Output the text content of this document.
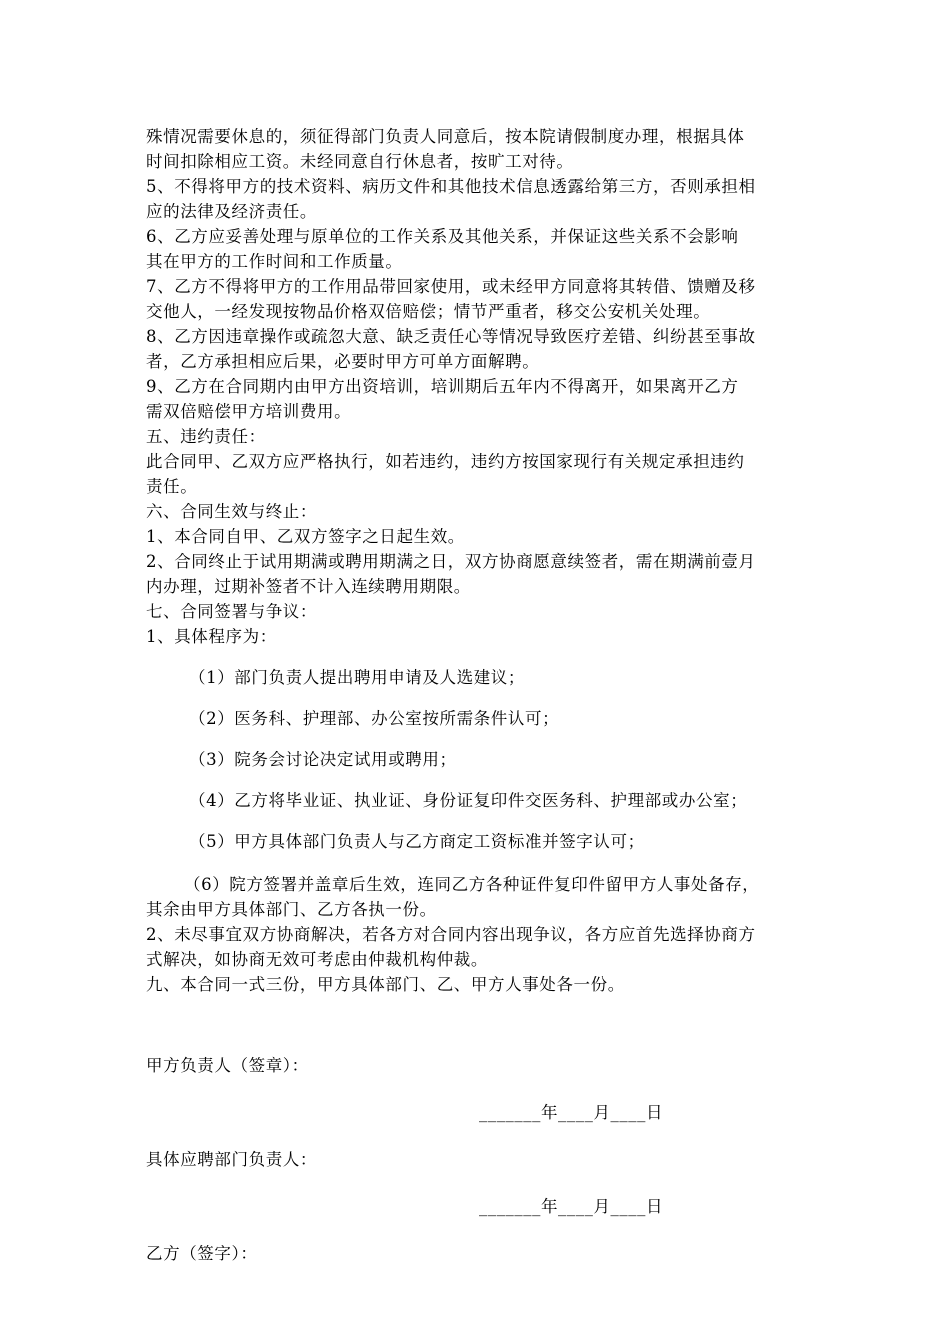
殊情况需要休息的，须征得部门负责人同意后，按本院请假制度办理，根据具体
时间扣除相应工资。未经同意自行休息者，按旷工对待。
5、不得将甲方的技术资料、病历文件和其他技术信息透露给第三方，否则承担相
应的法律及经济责任。
6、乙方应妥善处理与原单位的工作关系及其他关系，并保证这些关系不会影响
其在甲方的工作时间和工作质量。
7、乙方不得将甲方的工作用品带回家使用，或未经甲方同意将其转借、馈赠及移
交他人，一经发现按物品价格双倍赔偿；情节严重者，移交公安机关处理。
8、乙方因违章操作或疏忽大意、缺乏责任心等情况导致医疗差错、纠纷甚至事故
者，乙方承担相应后果，必要时甲方可单方面解聘。
9、乙方在合同期内由甲方出资培训，培训期后五年内不得离开，如果离开乙方
需双倍赔偿甲方培训费用。
五、违约责任：
此合同甲、乙双方应严格执行，如若违约，违约方按国家现行有关规定承担违约
责任。
六、合同生效与终止：
1、本合同自甲、乙双方签字之日起生效。
2、合同终止于试用期满或聘用期满之日，双方协商愿意续签者，需在期满前壹月
内办理，过期补签者不计入连续聘用期限。
七、合同签署与争议：
1、具体程序为：
（1）部门负责人提出聘用申请及人选建议；
（2）医务科、护理部、办公室按所需条件认可；
（3）院务会讨论决定试用或聘用；
（4）乙方将毕业证、执业证、身份证复印件交医务科、护理部或办公室；
（5）甲方具体部门负责人与乙方商定工资标准并签字认可；
（6）院方签署并盖章后生效，连同乙方各种证件复印件留甲方人事处备存，
其余由甲方具体部门、乙方各执一份。
2、未尽事宜双方协商解决，若各方对合同内容出现争议，各方应首先选择协商方
式解决，如协商无效可考虑由仲裁机构仲裁。
九、本合同一式三份，甲方具体部门、乙、甲方人事处各一份。
甲方负责人（签章）：
_______年____月____日
具体应聘部门负责人：
_______年____月____日
乙方（签字）：
